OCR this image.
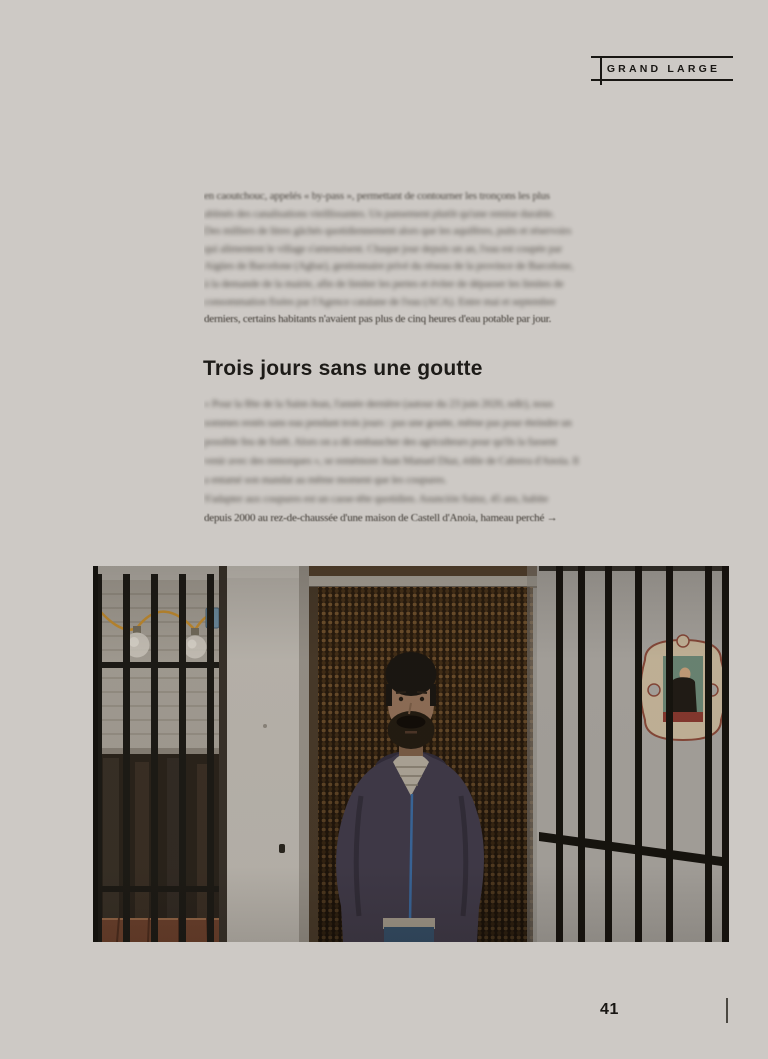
GRAND LARGE
en caoutchouc, appelés « by-pass », permettant de contourner les tronçons les plus
abîmés des canalisations vieillissantes. Un pansement plutôt qu'une remise durable.
Des milliers de litres gâchés quotidiennement alors que les aquifères, puits et réservoirs
qui alimentent le village s'amenuisent. Chaque jour depuis un an, l'eau est coupée par
Aigües de Barcelone (Agbar), gestionnaire privé du réseau de la province de Barcelone,
à la demande de la mairie, afin de limiter les pertes et éviter de dépasser les limites de
consommation fixées par l'Agence catalane de l'eau (ACA). Entre mai et septembre
derniers, certains habitants n'avaient pas plus de cinq heures d'eau potable par jour.
Trois jours sans une goutte
« Pour la fête de la Saint-Jean, l'année dernière (autour du 23 juin 2020, ndlr), nous
sommes restés sans eau pendant trois jours : pas une goutte, même pas pour éteindre un
possible feu de forêt. Alors on a dû embaucher des agriculteurs pour qu'ils la fassent
venir avec des remorques », se remémore Juan Manuel Díaz, édile de Cabrera d'Anoia. Il
a entamé son mandat au même moment que les coupures.
S'adapter aux coupures est un casse-tête quotidien. Asunción Sainz, 45 ans, habite
depuis 2000 au rez-de-chaussée d'une maison de Castell d'Anoia, hameau perché →
41
